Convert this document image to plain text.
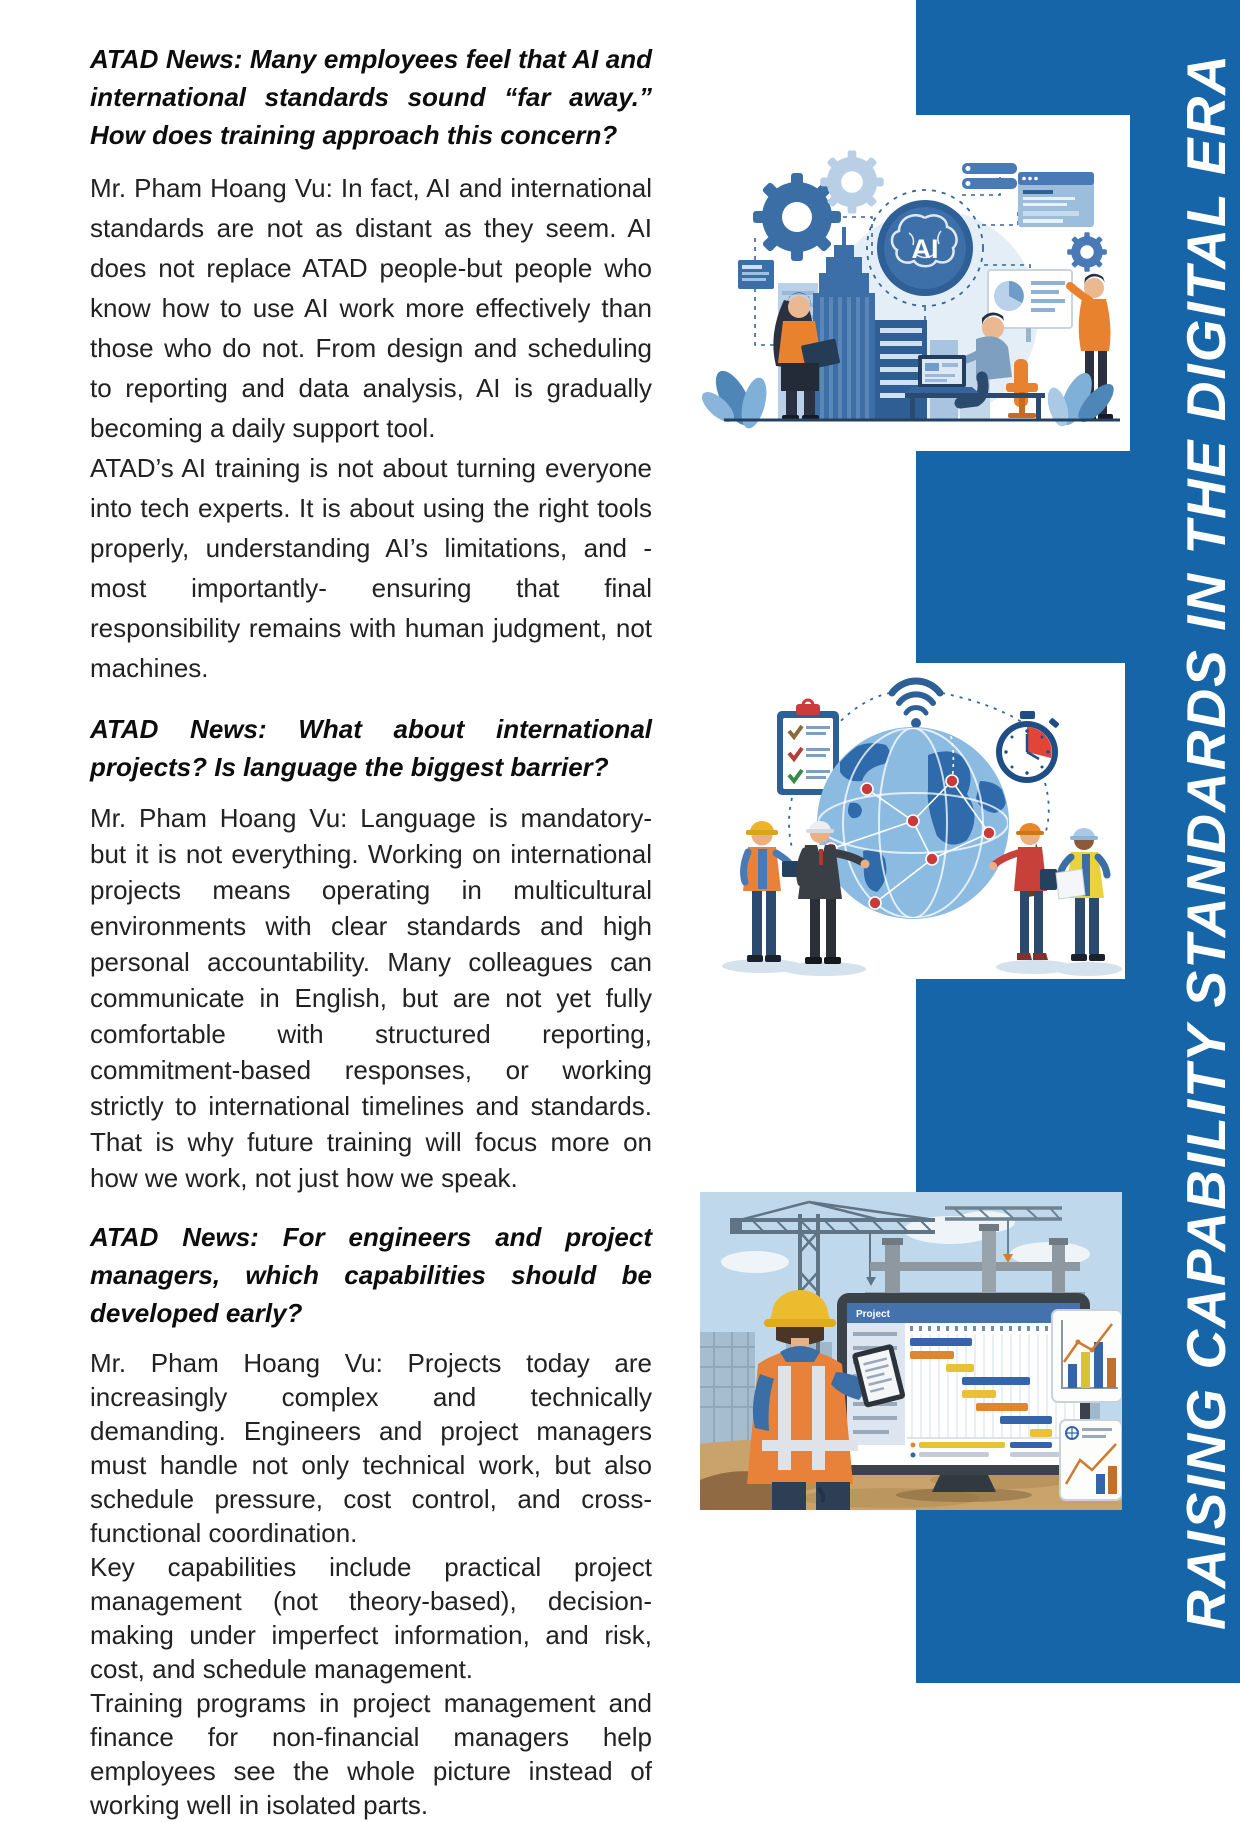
RAISING CAPABILITY STANDARDS IN THE DIGITAL ERA
ATAD News: Many employees feel that AI and international standards sound “far away.” How does training approach this concern?

Mr. Pham Hoang Vu: In fact, AI and international standards are not as distant as they seem. AI does not replace ATAD people-but people who know how to use AI work more effectively than those who do not. From design and scheduling to reporting and data analysis, AI is gradually becoming a daily support tool.

ATAD’s AI training is not about turning everyone into tech experts. It is about using the right tools properly, understanding AI’s limitations, and - most importantly- ensuring that final responsibility remains with human judgment, not machines.

ATAD News: What about international projects? Is language the biggest barrier?

Mr. Pham Hoang Vu: Language is mandatory-but it is not everything. Working on international projects means operating in multicultural environments with clear standards and high personal accountability. Many colleagues can communicate in English, but are not yet fully comfortable with structured reporting, commitment-based responses, or working strictly to international timelines and standards. That is why future training will focus more on how we work, not just how we speak.

ATAD News: For engineers and project managers, which capabilities should be developed early?

Mr. Pham Hoang Vu: Projects today are increasingly complex and technically demanding. Engineers and project managers must handle not only technical work, but also schedule pressure, cost control, and cross-functional coordination.

Key capabilities include practical project management (not theory-based), decision-making under imperfect information, and risk, cost, and schedule management.

Training programs in project management and finance for non-financial managers help employees see the whole picture instead of working well in isolated parts.

AI
Project
